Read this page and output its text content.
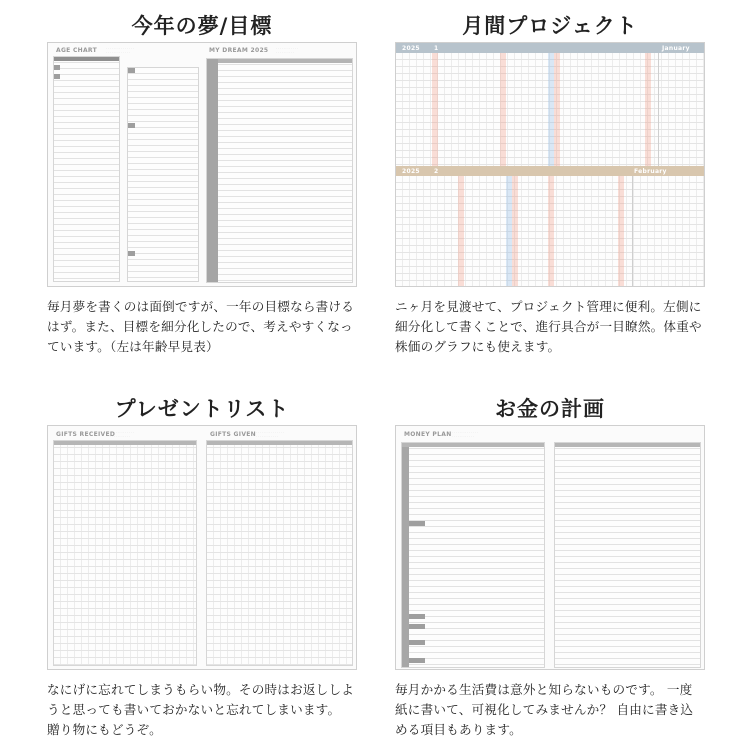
今年の夢/目標
AGE CHART	· · · · · · · · · · · · · · ·
· · · · · · · · · · · · ·	MY DREAM 2025	· · · · · · · · · · · ·
· · · · · · · · · ·
毎月夢を書くのは面倒ですが、一年の目標なら書けるはず。また、目標を細分化したので、考えやすくなっています。（左は年齢早見表）
月間プロジェクト
2025 1	January
2025 2	February
ニヶ月を見渡せて、プロジェクト管理に便利。左側に細分化して書くことで、進行具合が一目瞭然。体重や株価のグラフにも使えます。
プレゼントリスト
GIFTS RECEIVED
· · · · · · · · · · · · ·
· · · · · · · · · · ·	GIFTS GIVEN · · · · · · · · · · · · · · ·
· · · · · · · · · · · ·
なにげに忘れてしまうもらい物。その時はお返ししようと思っても書いておかないと忘れてしまいます。 贈り物にもどうぞ。
お金の計画
MONEY PLAN · · · · · · · · · · · · · ·
· · · · · · · · · · · ·
毎月かかる生活費は意外と知らないものです。 一度紙に書いて、可視化してみませんか？ 自由に書き込める項目もあります。
